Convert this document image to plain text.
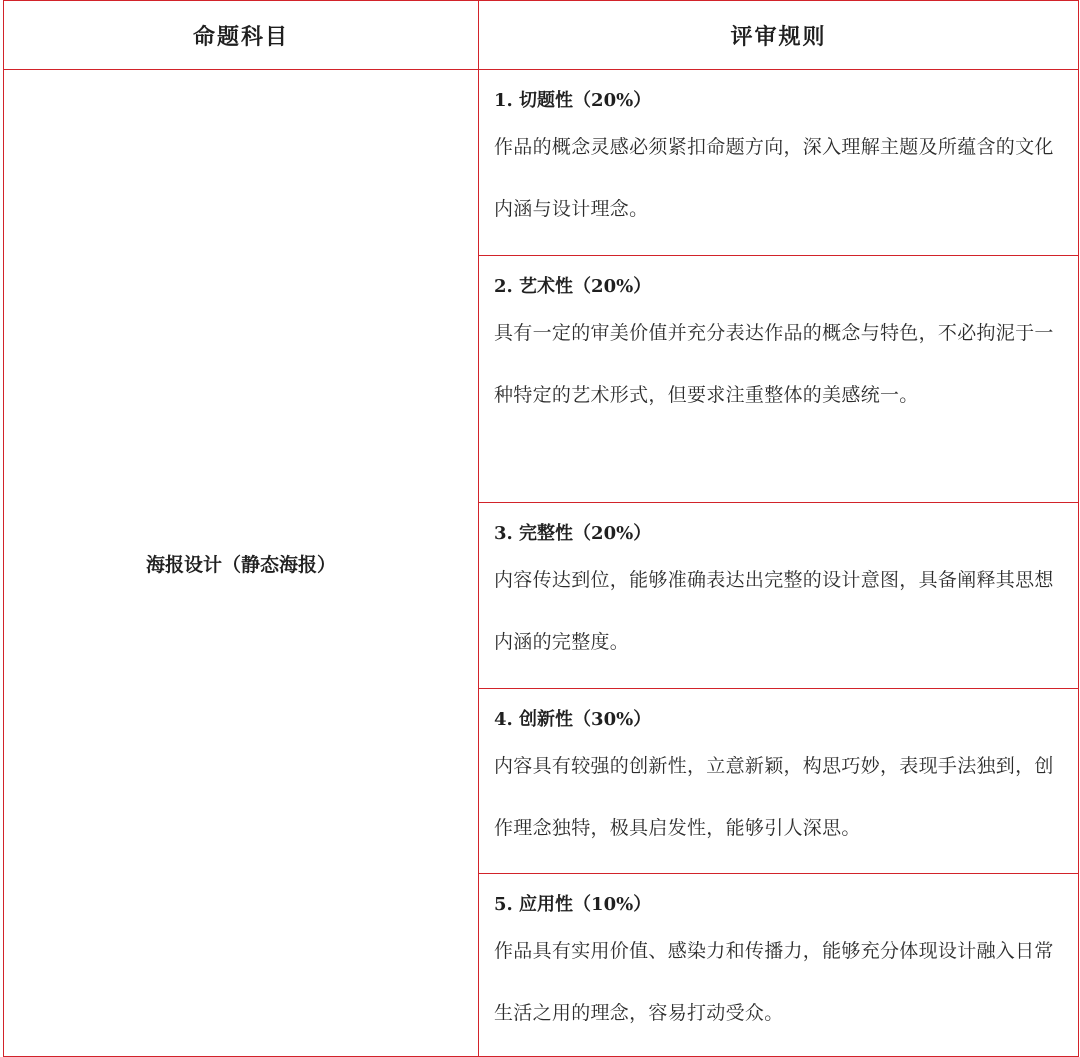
命题科目	评审规则
海报设计（静态海报）	1. 切题性（20%）
作品的概念灵感必须紧扣命题方向，深入理解主题及所蕴含的文化内涵与设计理念。

	2. 艺术性（20%）
具有一定的审美价值并充分表达作品的概念与特色，不必拘泥于一种特定的艺术形式，但要求注重整体的美感统一。

	3. 完整性（20%）
内容传达到位，能够准确表达出完整的设计意图，具备阐释其思想内涵的完整度。

	4. 创新性（30%）
内容具有较强的创新性，立意新颖，构思巧妙，表现手法独到，创作理念独特，极具启发性，能够引人深思。

	5. 应用性（10%）
作品具有实用价值、感染力和传播力，能够充分体现设计融入日常生活之用的理念，容易打动受众。
